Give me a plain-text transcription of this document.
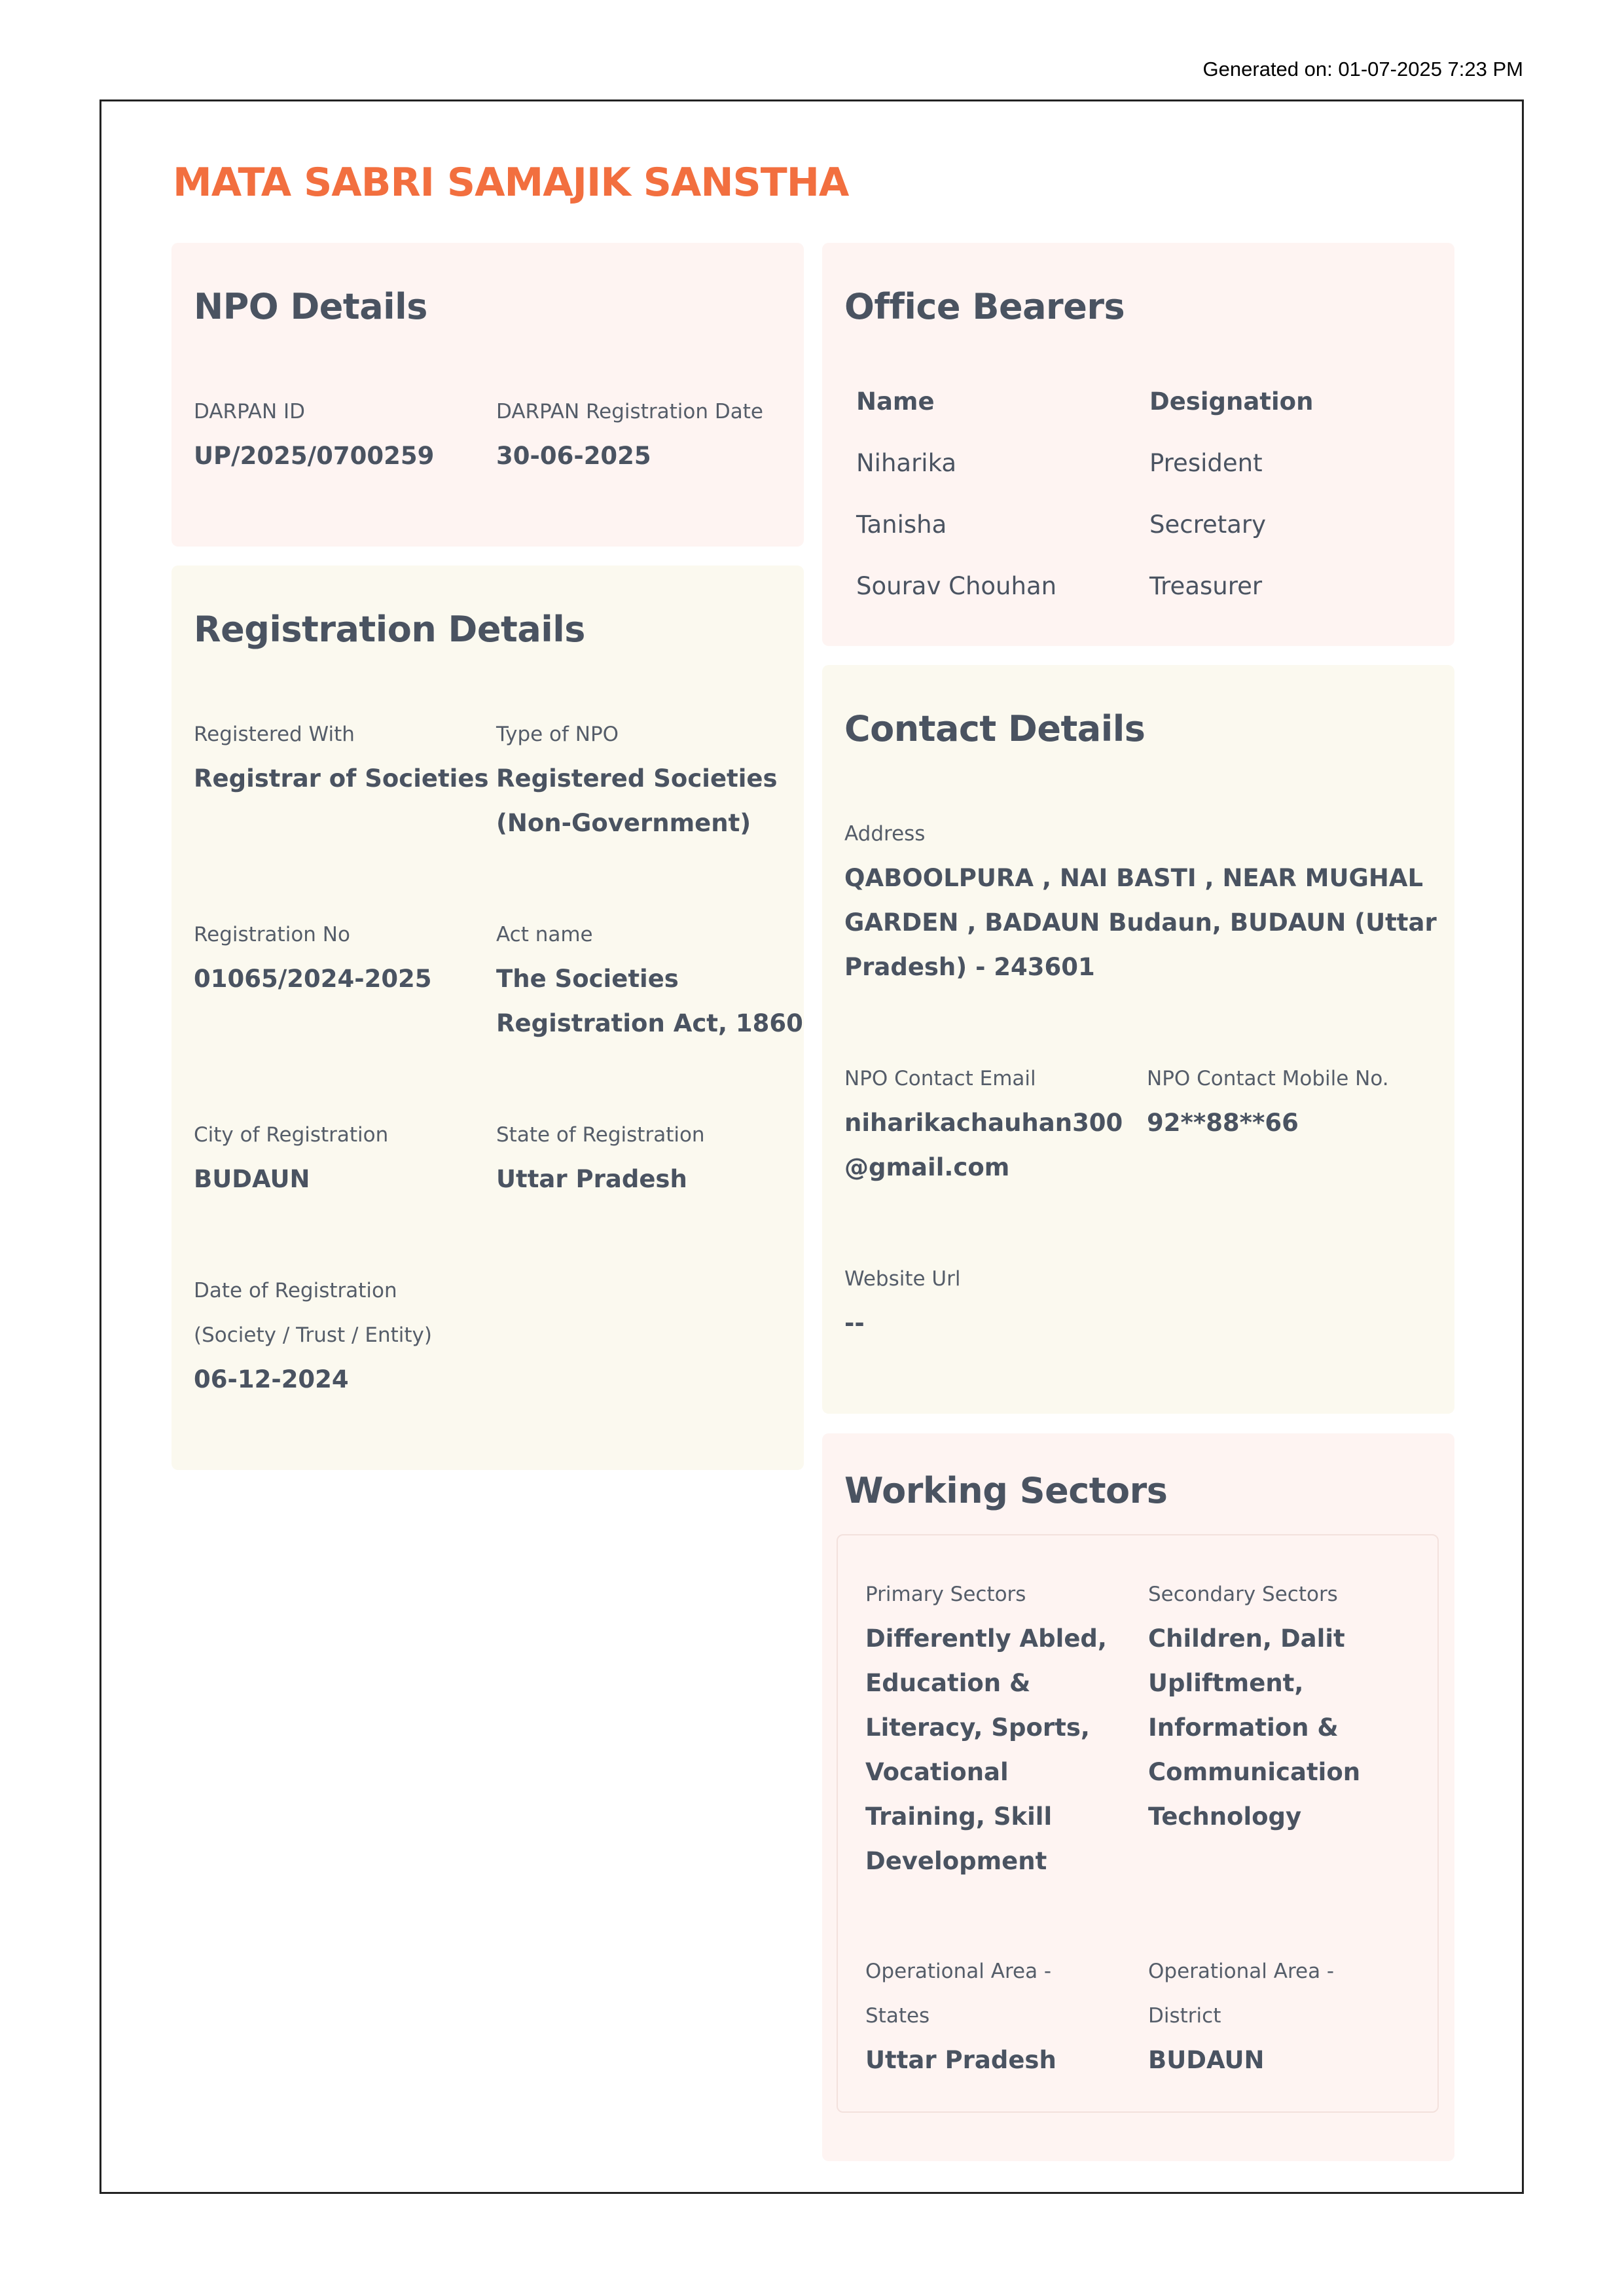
Generated on: 01-07-2025 7:23 PM
MATA SABRI SAMAJIK SANSTHA
NPO Details
DARPAN ID
UP/2025/0700259
DARPAN Registration Date
30-06-2025
Registration Details
Registered With
Registrar of Societies
Type of NPO
Registered Societies
(Non-Government)
Registration No
01065/2024-2025
Act name
The Societies
Registration Act, 1860
City of Registration
BUDAUN
State of Registration
Uttar Pradesh
Date of Registration
(Society / Trust / Entity)
06-12-2024
Office Bearers
Name	Designation
Niharika	President
Tanisha	Secretary
Sourav Chouhan	Treasurer
Contact Details
Address
QABOOLPURA , NAI BASTI , NEAR MUGHAL
GARDEN , BADAUN Budaun, BUDAUN (Uttar
Pradesh) - 243601
NPO Contact Email
niharikachauhan300
@gmail.com
NPO Contact Mobile No.
92**88**66
Website Url
--
Working Sectors
Primary Sectors
Differently Abled,
Education &
Literacy, Sports,
Vocational
Training, Skill
Development
Secondary Sectors
Children, Dalit
Upliftment,
Information &
Communication
Technology
Operational Area -
States
Uttar Pradesh
Operational Area -
District
BUDAUN
